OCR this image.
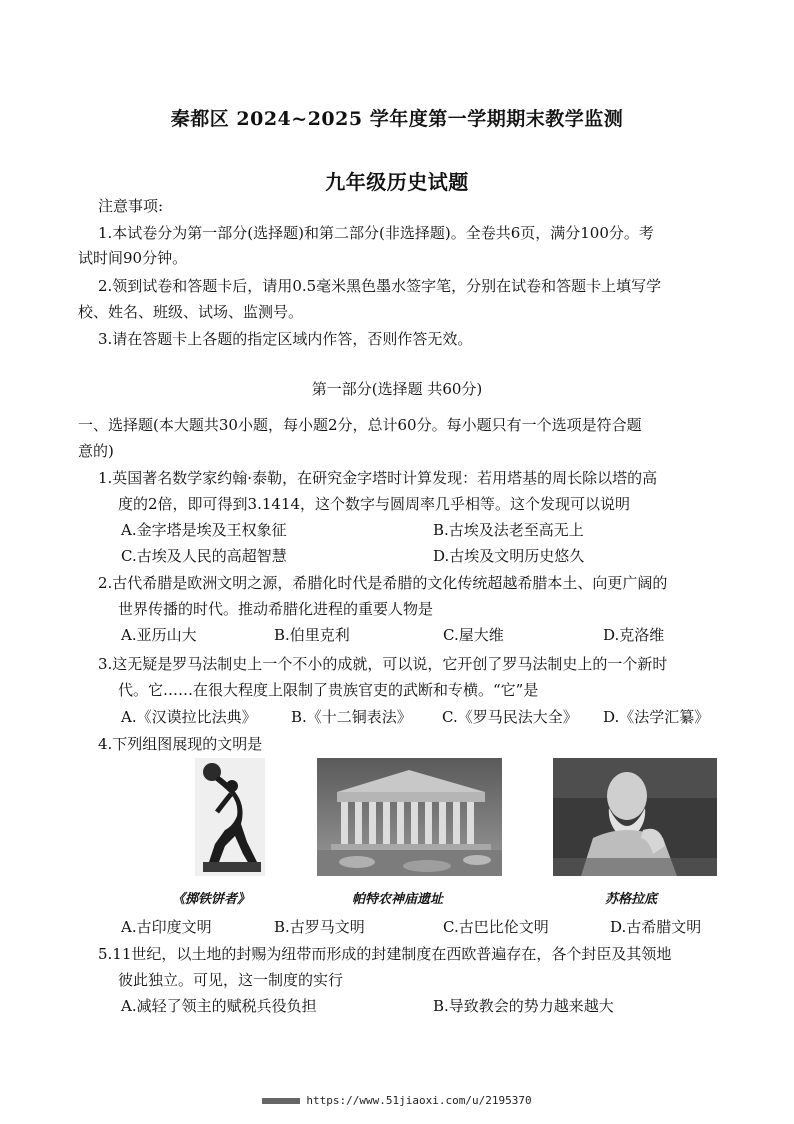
秦都区 2024~2025 学年度第一学期期末教学监测
九年级历史试题
注意事项:
1.本试卷分为第一部分(选择题)和第二部分(非选择题)。全卷共6页，满分100分。考
试时间90分钟。
2.领到试卷和答题卡后，请用0.5毫米黑色墨水签字笔，分别在试卷和答题卡上填写学
校、姓名、班级、试场、监测号。
3.请在答题卡上各题的指定区域内作答，否则作答无效。
第一部分(选择题 共60分)
一、选择题(本大题共30小题，每小题2分，总计60分。每小题只有一个选项是符合题
意的)
1.英国著名数学家约翰·泰勒，在研究金字塔时计算发现：若用塔基的周长除以塔的高
度的2倍，即可得到3.1414，这个数字与圆周率几乎相等。这个发现可以说明
A.金字塔是埃及王权象征	B.古埃及法老至高无上
C.古埃及人民的高超智慧	D.古埃及文明历史悠久
2.古代希腊是欧洲文明之源，希腊化时代是希腊的文化传统超越希腊本土、向更广阔的
世界传播的时代。推动希腊化进程的重要人物是
A.亚历山大	B.伯里克利	C.屋大维	D.克洛维
3.这无疑是罗马法制史上一个不小的成就，可以说，它开创了罗马法制史上的一个新时
代。它……在很大程度上限制了贵族官吏的武断和专横。“它”是
A.《汉谟拉比法典》 B.《十二铜表法》 C.《罗马民法大全》 D.《法学汇纂》
4.下列组图展现的文明是
《掷铁饼者》	帕特农神庙遗址	苏格拉底
A.古印度文明	B.古罗马文明	C.古巴比伦文明	D.古希腊文明
5.11世纪，以土地的封赐为纽带而形成的封建制度在西欧普遍存在，各个封臣及其领地
彼此独立。可见，这一制度的实行
A.减轻了领主的赋税兵役负担	B.导致教会的势力越来越大
https://www.51jiaoxi.com/u/2195370
